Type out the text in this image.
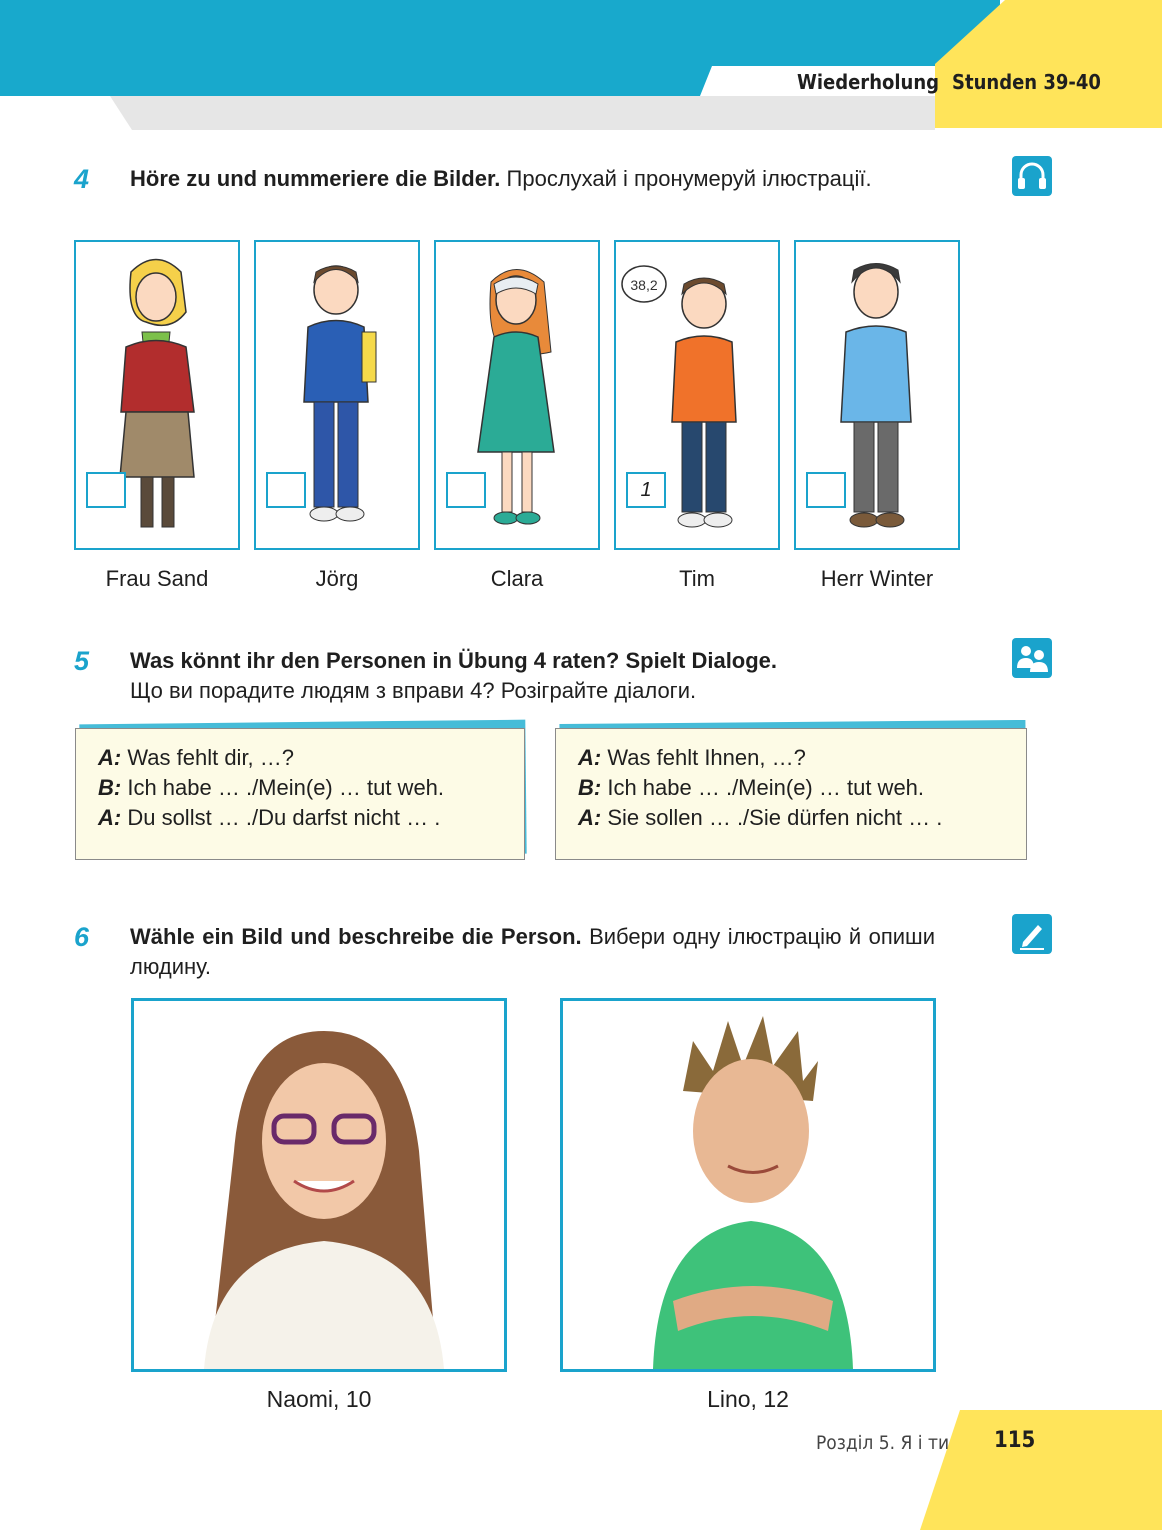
Wiederholung Stunden 39-40
4 Höre zu und nummeriere die Bilder. Прослухай і пронумеруй ілюстрації.
38,2
1
Frau Sand	Jörg	Clara	Tim	Herr Winter
5 Was könnt ihr den Personen in Übung 4 raten? Spielt Dialoge.
Що ви порадите людям з вправи 4? Розіграйте діалоги.
A: Was fehlt dir, …?
B: Ich habe … ./Mein(e) … tut weh.
A: Du sollst … ./Du darfst nicht … .
A: Was fehlt Ihnen, …?
B: Ich habe … ./Mein(e) … tut weh.
A: Sie sollen … ./Sie dürfen nicht … .
6 Wähle ein Bild und beschreibe die Person. Вибери одну ілюстрацію й опиши людину.
Naomi, 10	Lino, 12
Розділ 5. Я і ти 115
